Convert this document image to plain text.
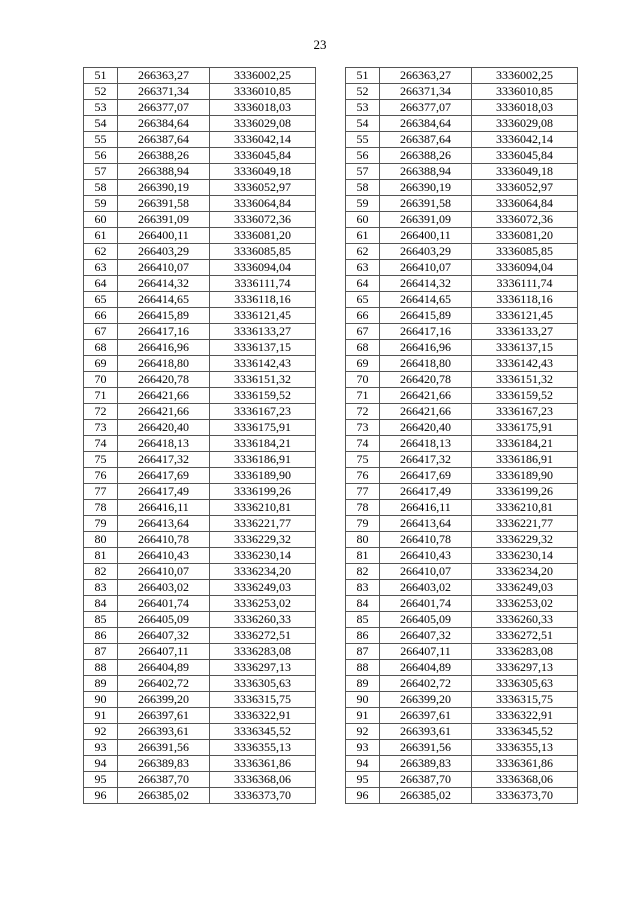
23
51	266363,27	3336002,25
52	266371,34	3336010,85
53	266377,07	3336018,03
54	266384,64	3336029,08
55	266387,64	3336042,14
56	266388,26	3336045,84
57	266388,94	3336049,18
58	266390,19	3336052,97
59	266391,58	3336064,84
60	266391,09	3336072,36
61	266400,11	3336081,20
62	266403,29	3336085,85
63	266410,07	3336094,04
64	266414,32	3336111,74
65	266414,65	3336118,16
66	266415,89	3336121,45
67	266417,16	3336133,27
68	266416,96	3336137,15
69	266418,80	3336142,43
70	266420,78	3336151,32
71	266421,66	3336159,52
72	266421,66	3336167,23
73	266420,40	3336175,91
74	266418,13	3336184,21
75	266417,32	3336186,91
76	266417,69	3336189,90
77	266417,49	3336199,26
78	266416,11	3336210,81
79	266413,64	3336221,77
80	266410,78	3336229,32
81	266410,43	3336230,14
82	266410,07	3336234,20
83	266403,02	3336249,03
84	266401,74	3336253,02
85	266405,09	3336260,33
86	266407,32	3336272,51
87	266407,11	3336283,08
88	266404,89	3336297,13
89	266402,72	3336305,63
90	266399,20	3336315,75
91	266397,61	3336322,91
92	266393,61	3336345,52
93	266391,56	3336355,13
94	266389,83	3336361,86
95	266387,70	3336368,06
96	266385,02	3336373,70
51	266363,27	3336002,25
52	266371,34	3336010,85
53	266377,07	3336018,03
54	266384,64	3336029,08
55	266387,64	3336042,14
56	266388,26	3336045,84
57	266388,94	3336049,18
58	266390,19	3336052,97
59	266391,58	3336064,84
60	266391,09	3336072,36
61	266400,11	3336081,20
62	266403,29	3336085,85
63	266410,07	3336094,04
64	266414,32	3336111,74
65	266414,65	3336118,16
66	266415,89	3336121,45
67	266417,16	3336133,27
68	266416,96	3336137,15
69	266418,80	3336142,43
70	266420,78	3336151,32
71	266421,66	3336159,52
72	266421,66	3336167,23
73	266420,40	3336175,91
74	266418,13	3336184,21
75	266417,32	3336186,91
76	266417,69	3336189,90
77	266417,49	3336199,26
78	266416,11	3336210,81
79	266413,64	3336221,77
80	266410,78	3336229,32
81	266410,43	3336230,14
82	266410,07	3336234,20
83	266403,02	3336249,03
84	266401,74	3336253,02
85	266405,09	3336260,33
86	266407,32	3336272,51
87	266407,11	3336283,08
88	266404,89	3336297,13
89	266402,72	3336305,63
90	266399,20	3336315,75
91	266397,61	3336322,91
92	266393,61	3336345,52
93	266391,56	3336355,13
94	266389,83	3336361,86
95	266387,70	3336368,06
96	266385,02	3336373,70
